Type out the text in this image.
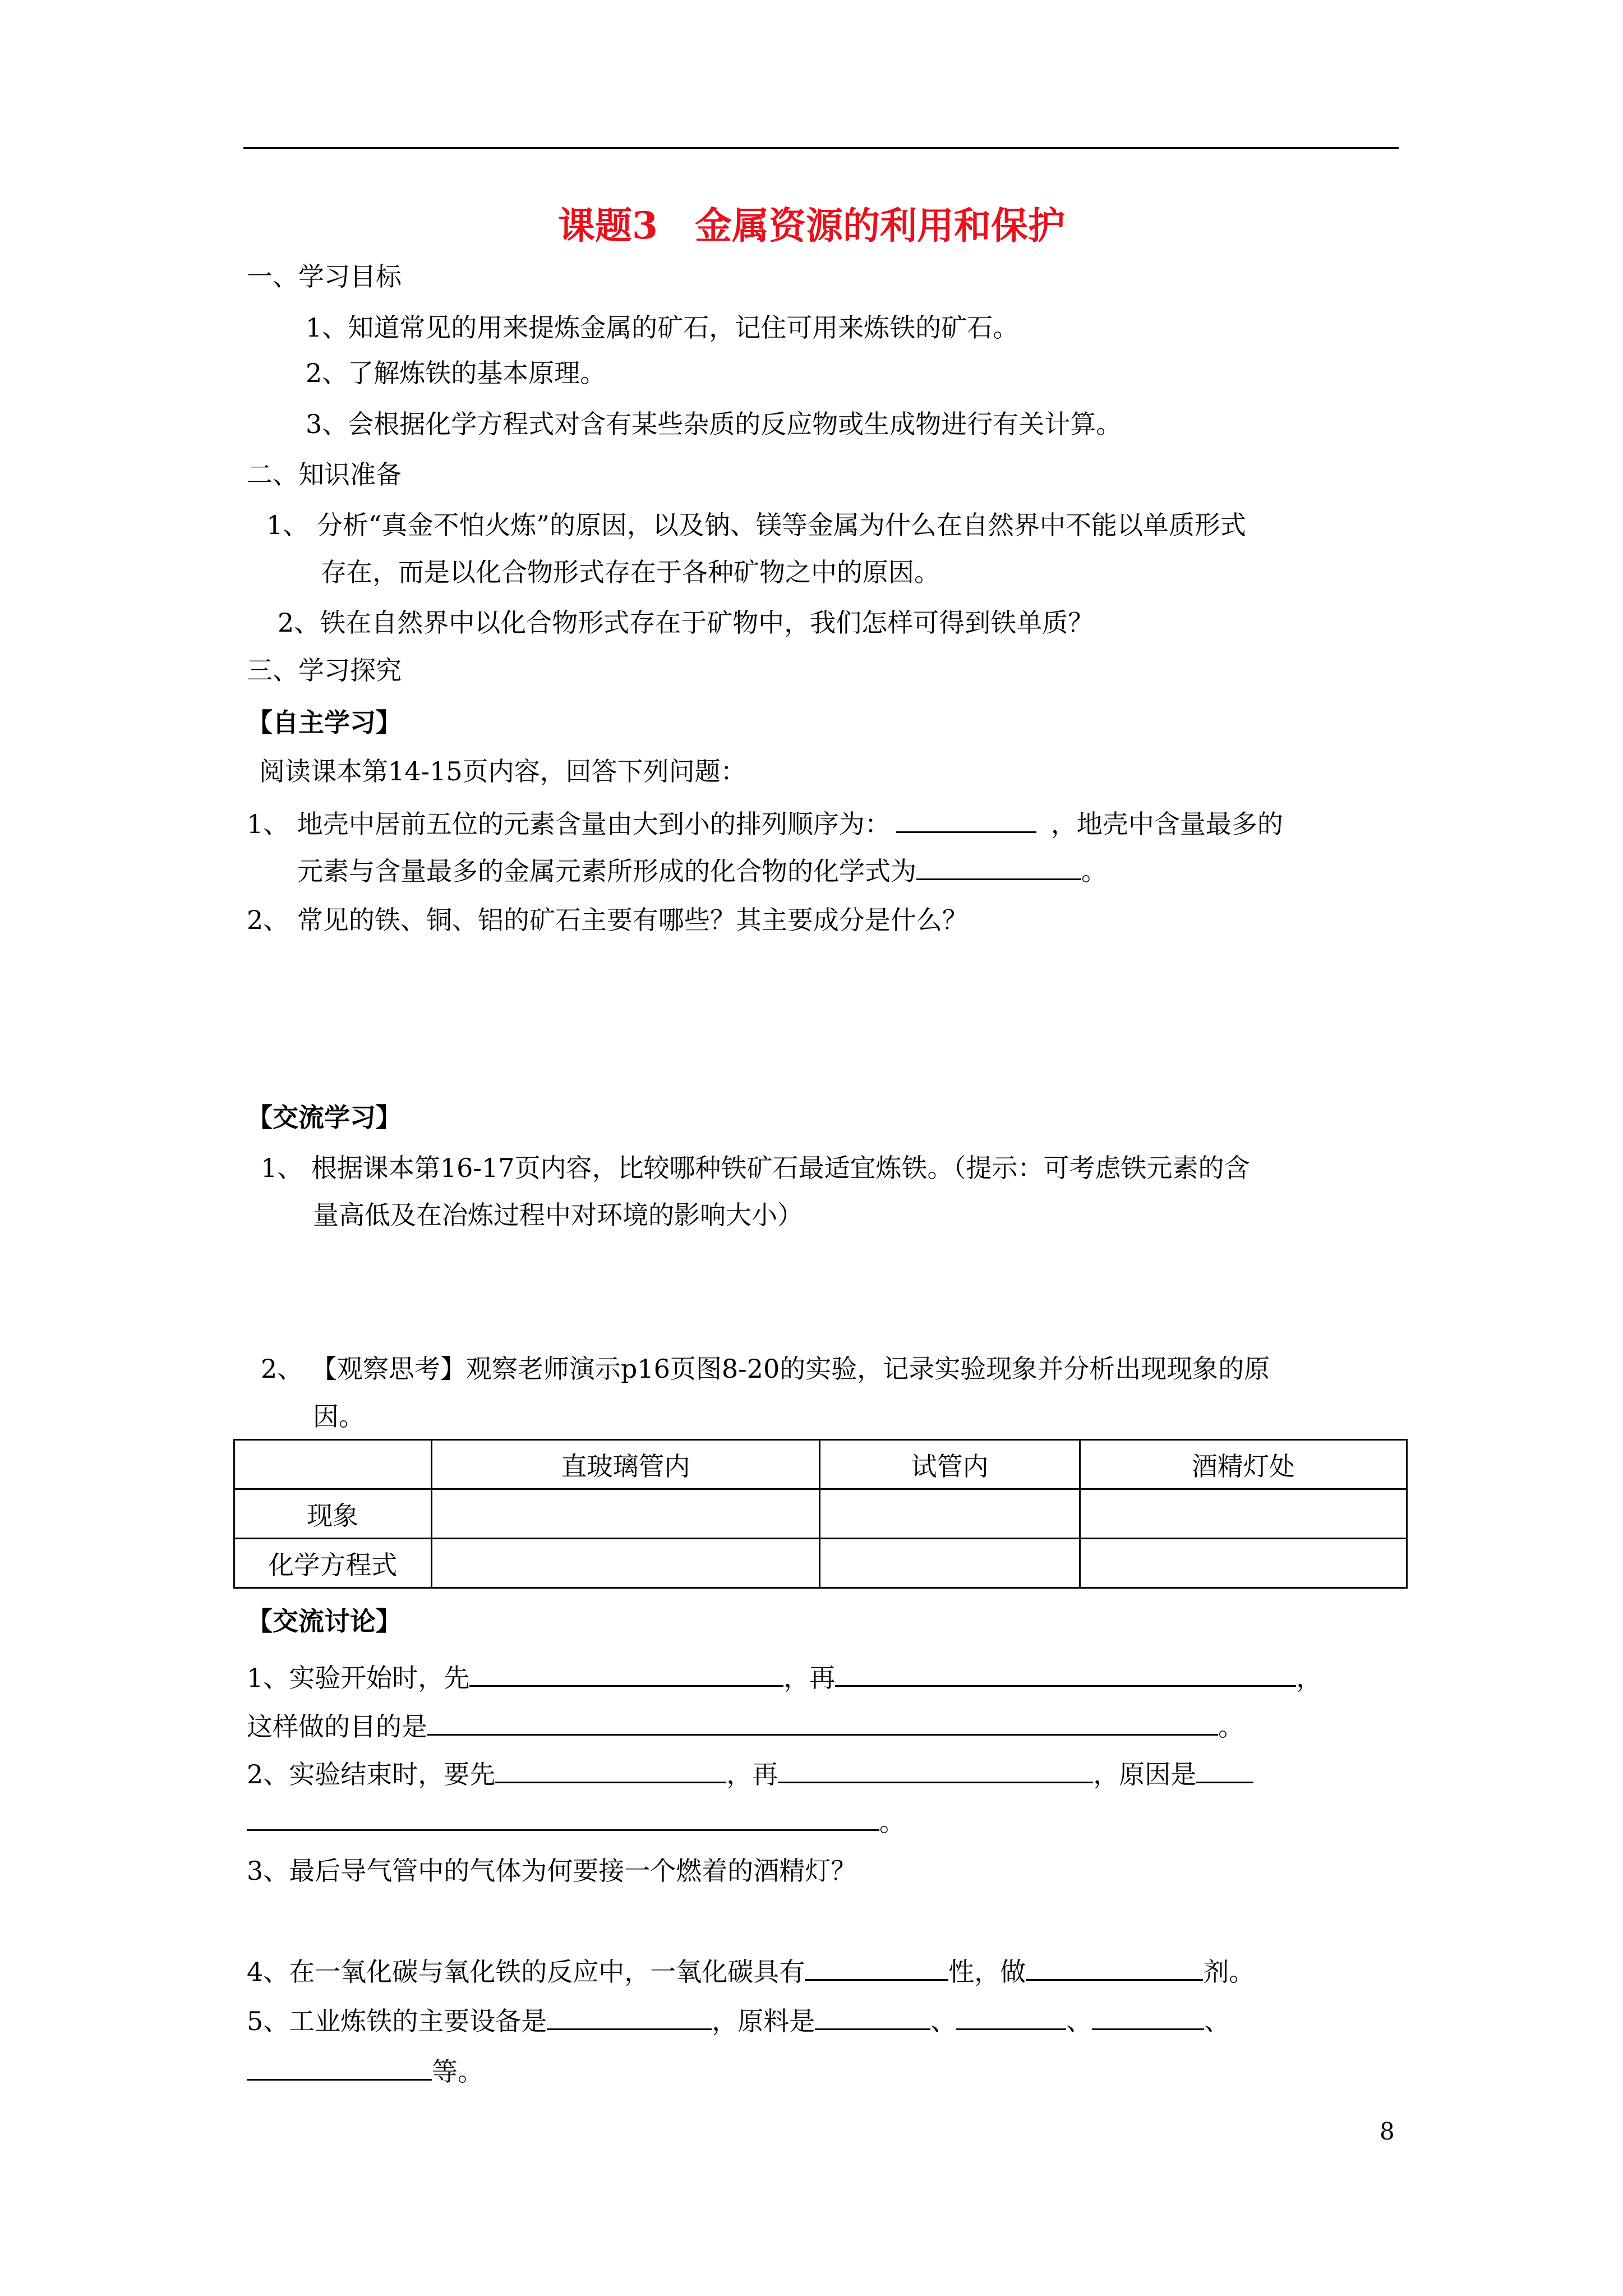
课题3　金属资源的利用和保护
一、学习目标
1、知道常见的用来提炼金属的矿石，记住可用来炼铁的矿石。
2、了解炼铁的基本原理。
3、会根据化学方程式对含有某些杂质的反应物或生成物进行有关计算。
二、知识准备
1、 分析“真金不怕火炼”的原因，以及钠、镁等金属为什么在自然界中不能以单质形式
存在，而是以化合物形式存在于各种矿物之中的原因。
2、铁在自然界中以化合物形式存在于矿物中，我们怎样可得到铁单质？
三、学习探究
【自主学习】
阅读课本第14-15页内容，回答下列问题：
1、 地壳中居前五位的元素含量由大到小的排列顺序为：	，地壳中含量最多的
元素与含量最多的金属元素所形成的化合物的化学式为	。
2、 常见的铁、铜、铝的矿石主要有哪些？其主要成分是什么？
【交流学习】
1、 根据课本第16-17页内容，比较哪种铁矿石最适宜炼铁。（提示：可考虑铁元素的含
量高低及在冶炼过程中对环境的影响大小）
2、 【观察思考】观察老师演示p16页图8-20的实验，记录实验现象并分析出现现象的原
因。
	直玻璃管内	试管内	酒精灯处
现象			
化学方程式			
【交流讨论】
1、实验开始时，先	，再	，
这样做的目的是	。
2、实验结束时，要先	，再	，原因是
。
3、最后导气管中的气体为何要接一个燃着的酒精灯？
4、在一氧化碳与氧化铁的反应中，一氧化碳具有	性，做	剂。
5、工业炼铁的主要设备是	，原料是	、	、	、
等。
8
